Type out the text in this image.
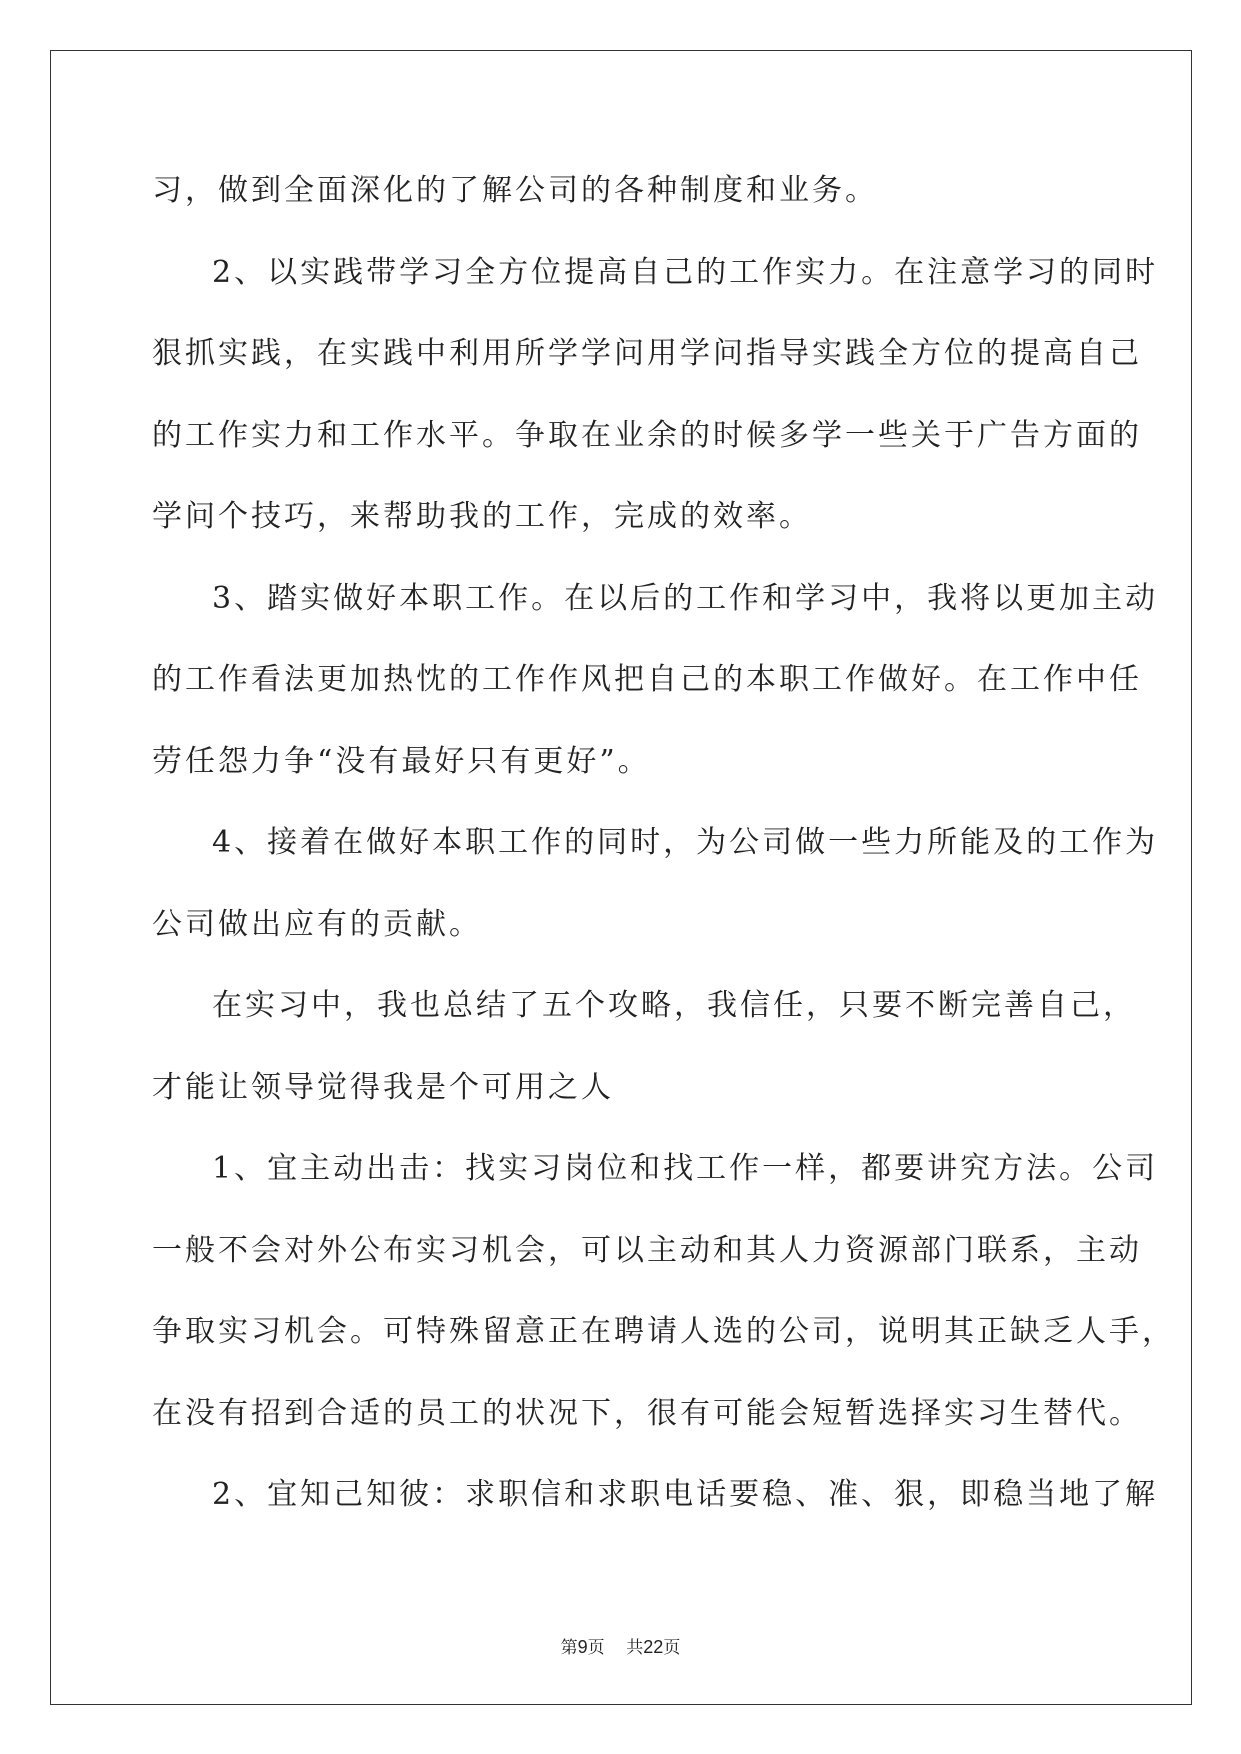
习，做到全面深化的了解公司的各种制度和业务。
2、以实践带学习全方位提高自己的工作实力。在注意学习的同时
狠抓实践，在实践中利用所学学问用学问指导实践全方位的提高自己
的工作实力和工作水平。争取在业余的时候多学一些关于广告方面的
学问个技巧，来帮助我的工作，完成的效率。
3、踏实做好本职工作。在以后的工作和学习中，我将以更加主动
的工作看法更加热忱的工作作风把自己的本职工作做好。在工作中任
劳任怨力争“没有最好只有更好”。
4、接着在做好本职工作的同时，为公司做一些力所能及的工作为
公司做出应有的贡献。
在实习中，我也总结了五个攻略，我信任，只要不断完善自己，
才能让领导觉得我是个可用之人
1、宜主动出击：找实习岗位和找工作一样，都要讲究方法。公司
一般不会对外公布实习机会，可以主动和其人力资源部门联系，主动
争取实习机会。可特殊留意正在聘请人选的公司，说明其正缺乏人手，
在没有招到合适的员工的状况下，很有可能会短暂选择实习生替代。
2、宜知己知彼：求职信和求职电话要稳、准、狠，即稳当地了解
第9页 共22页
